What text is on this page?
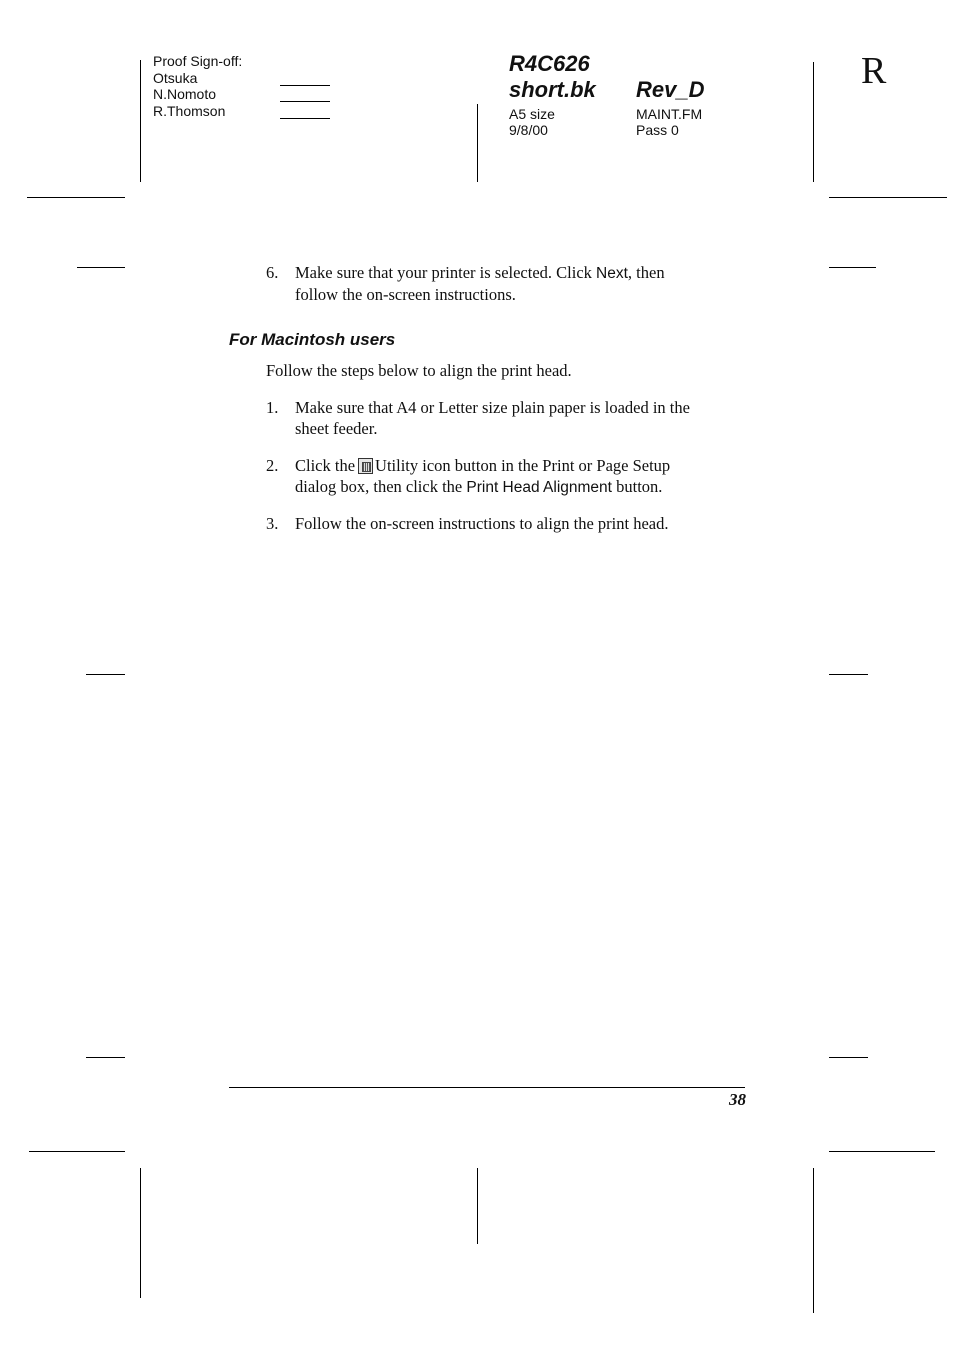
Proof Sign-off:
Otsuka
N.Nomoto
R.Thomson
R4C626
short.bk Rev_D
A5 size
9/8/00
MAINT.FM
Pass 0
R
6. Make sure that your printer is selected. Click Next, then
follow the on-screen instructions.
For Macintosh users
Follow the steps below to align the print head.
1. Make sure that A4 or Letter size plain paper is loaded in the
sheet feeder.
2. Click the Utility icon button in the Print or Page Setup
dialog box, then click the Print Head Alignment button.
3. Follow the on-screen instructions to align the print head.
38
